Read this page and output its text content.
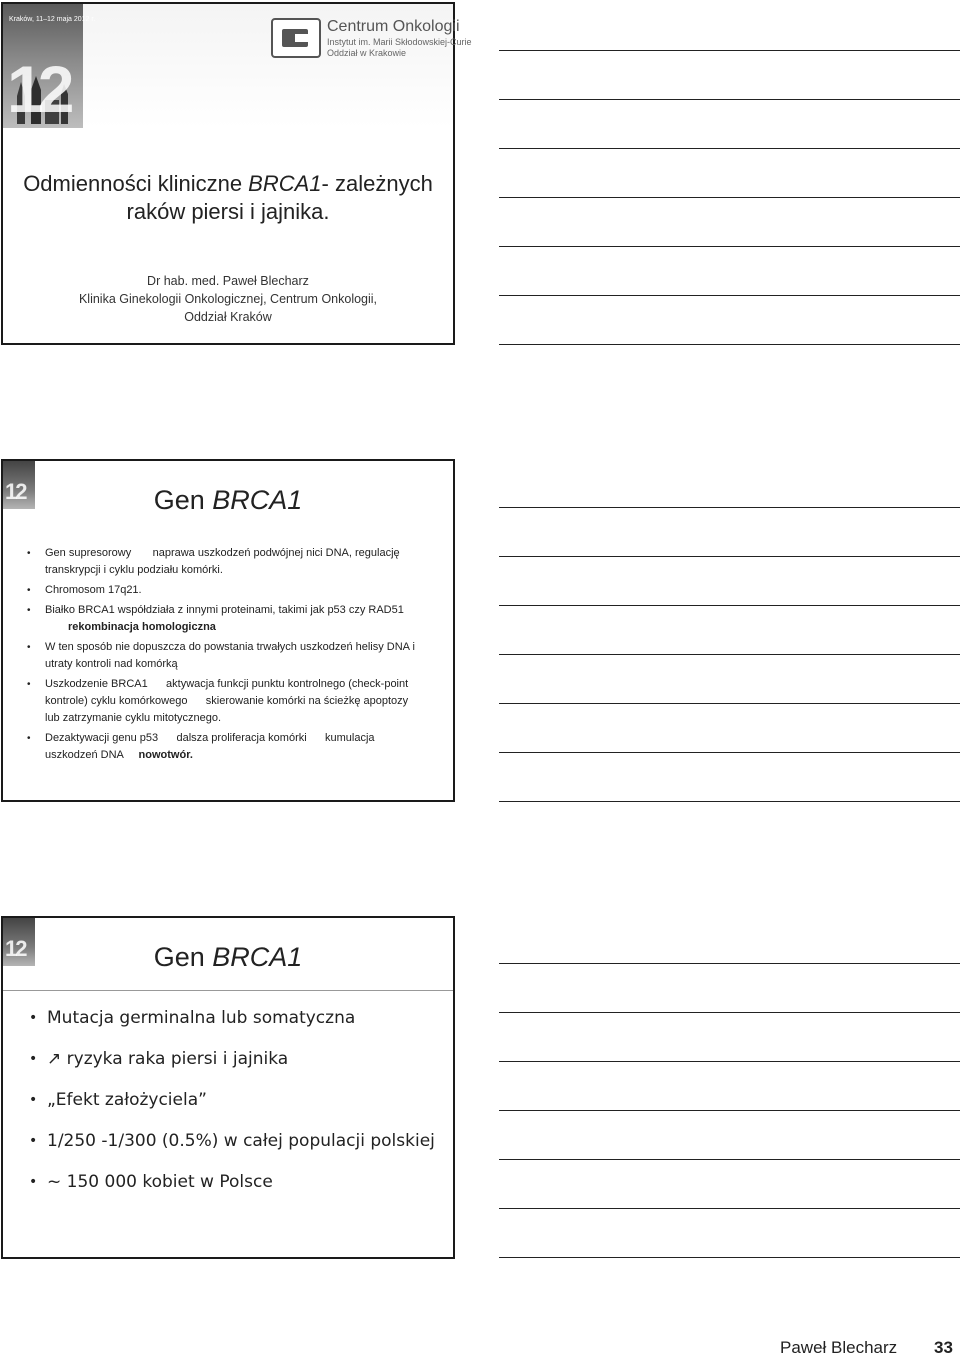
Kraków, 11–12 maja 2012 r.
12
Centrum Onkologii
Instytut im. Marii Skłodowskiej-Curie
Oddział w Krakowie
Odmienności kliniczne BRCA1- zależnych
raków piersi i jajnika.
Dr hab. med. Paweł Blecharz
Klinika Ginekologii Onkologicznej, Centrum Onkologii,
Oddział Kraków
12	Gen BRCA1
• Gen supresorowy       naprawa uszkodzeń podwójnej nici DNA, regulację
transkrypcji i cyklu podziału komórki.
• Chromosom 17q21.
• Białko BRCA1 współdziała z innymi proteinami, takimi jak p53 czy RAD51
rekombinacja homologiczna
• W ten sposób nie dopuszcza do powstania trwałych uszkodzeń helisy DNA i
utraty kontroli nad komórką
• Uszkodzenie BRCA1      aktywacja funkcji punktu kontrolnego (check-point
kontrole) cyklu komórkowego      skierowanie komórki na ścieżkę apoptozy
lub zatrzymanie cyklu mitotycznego.
• Dezaktywacji genu p53      dalsza proliferacja komórki      kumulacja
uszkodzeń DNA     nowotwór.
12	Gen BRCA1
• Mutacja germinalna lub somatyczna
• ↗ ryzyka raka piersi i jajnika
• „Efekt założyciela”
• 1/250 -1/300 (0.5%) w całej populacji polskiej
• ~ 150 000 kobiet w Polsce
Paweł Blecharz 33
